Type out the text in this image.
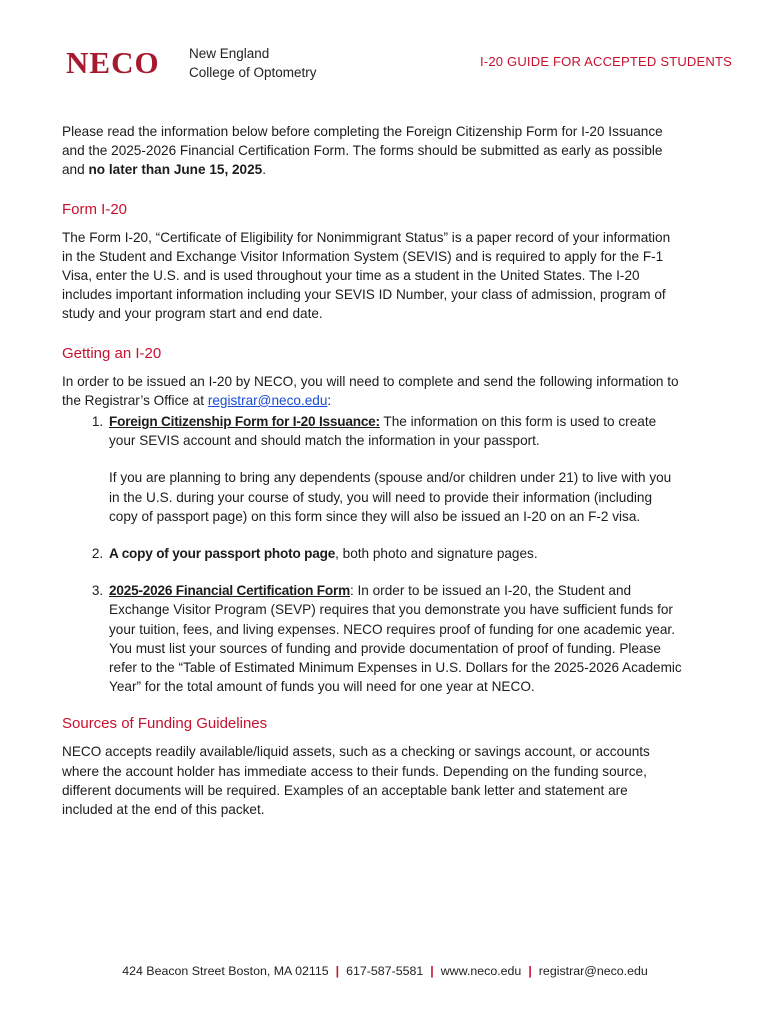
NECO New England
College of Optometry
I-20 GUIDE FOR ACCEPTED STUDENTS

Please read the information below before completing the Foreign Citizenship Form for I-20 Issuance and the 2025-2026 Financial Certification Form. The forms should be submitted as early as possible and no later than June 15, 2025.

Form I-20

The Form I-20, “Certificate of Eligibility for Nonimmigrant Status” is a paper record of your information in the Student and Exchange Visitor Information System (SEVIS) and is required to apply for the F-1 Visa, enter the U.S. and is used throughout your time as a student in the United States. The I-20 includes important information including your SEVIS ID Number, your class of admission, program of study and your program start and end date.

Getting an I-20

In order to be issued an I-20 by NECO, you will need to complete and send the following information to the Registrar’s Office at registrar@neco.edu:

1. Foreign Citizenship Form for I-20 Issuance: The information on this form is used to create your SEVIS account and should match the information in your passport.

If you are planning to bring any dependents (spouse and/or children under 21) to live with you in the U.S. during your course of study, you will need to provide their information (including copy of passport page) on this form since they will also be issued an I-20 on an F-2 visa.

2. A copy of your passport photo page, both photo and signature pages.
3. 2025-2026 Financial Certification Form: In order to be issued an I-20, the Student and Exchange Visitor Program (SEVP) requires that you demonstrate you have sufficient funds for your tuition, fees, and living expenses. NECO requires proof of funding for one academic year. You must list your sources of funding and provide documentation of proof of funding. Please refer to the “Table of Estimated Minimum Expenses in U.S. Dollars for the 2025-2026 Academic Year” for the total amount of funds you will need for one year at NECO.
Sources of Funding Guidelines

NECO accepts readily available/liquid assets, such as a checking or savings account, or accounts where the account holder has immediate access to their funds. Depending on the funding source, different documents will be required. Examples of an acceptable bank letter and statement are included at the end of this packet.

424 Beacon Street Boston, MA 02115 | 617-587-5581 | www.neco.edu | registrar@neco.edu
